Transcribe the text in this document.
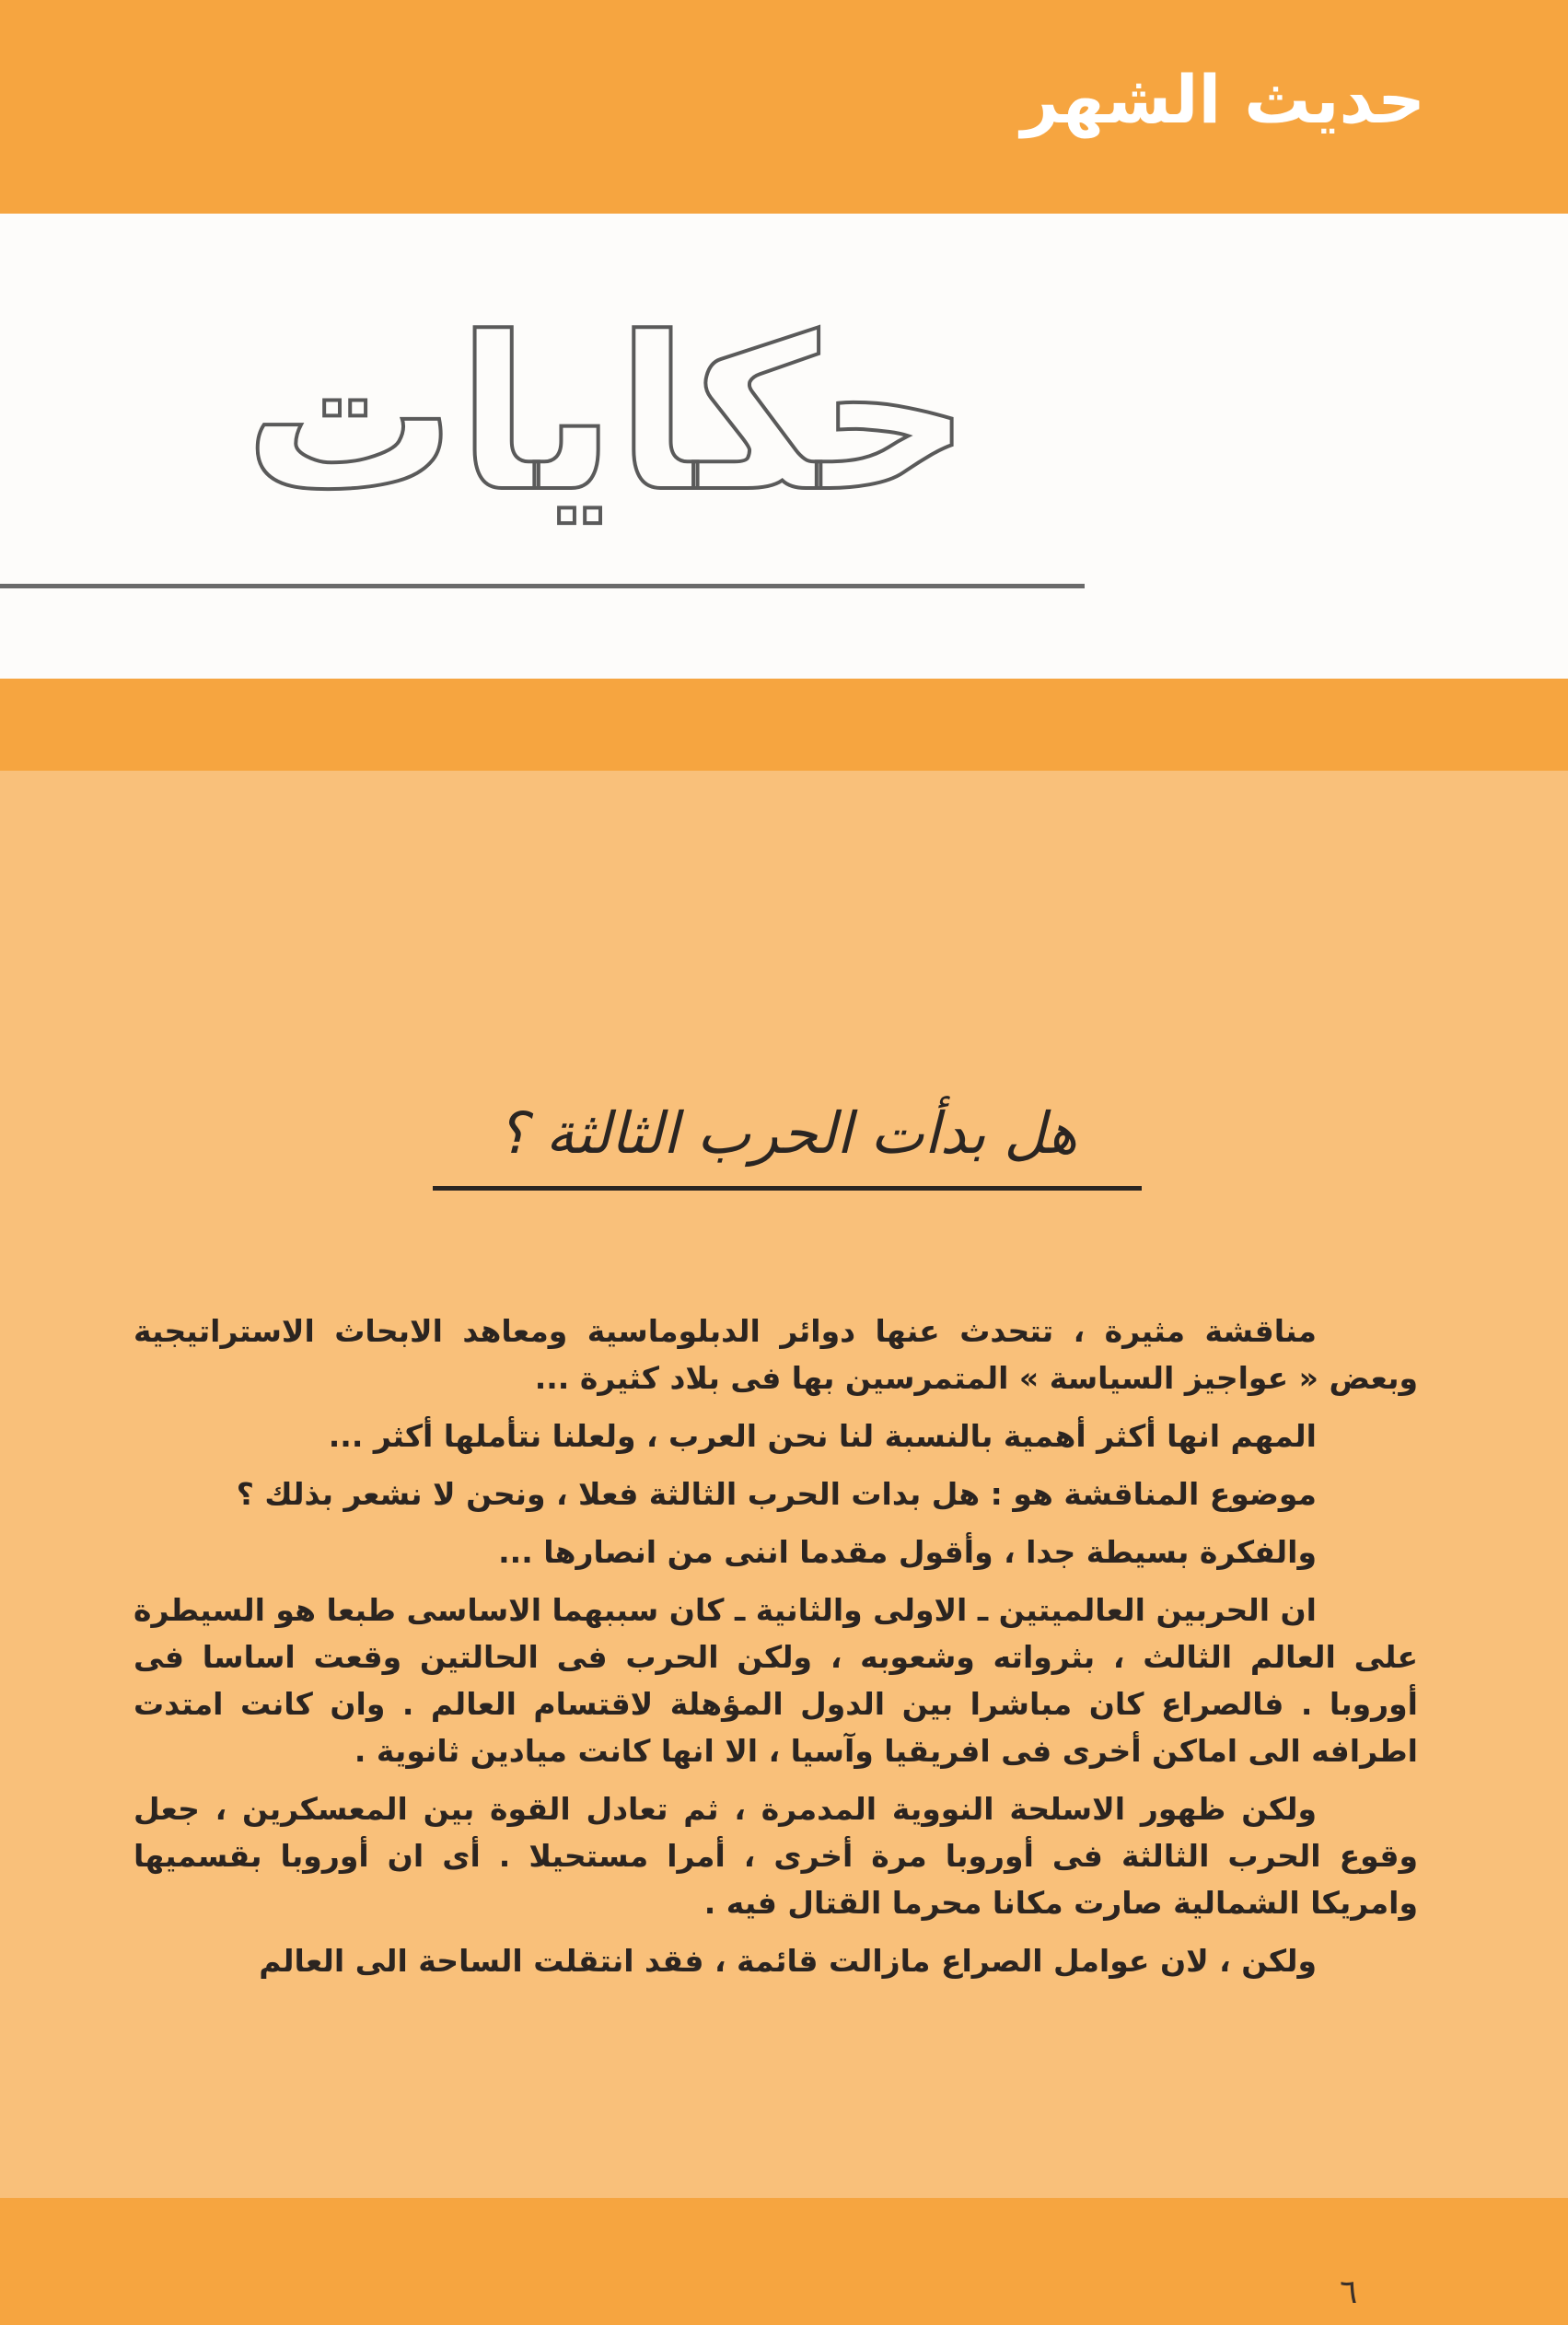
حديث الشهر
حكايات
هل بدأت الحرب الثالثة ؟

مناقشة مثيرة ، تتحدث عنها دوائر الدبلوماسية ومعاهد الابحاث الاستراتيجية وبعض « عواجيز السياسة » المتمرسين بها فى بلاد كثيرة ...

المهم انها أكثر أهمية بالنسبة لنا نحن العرب ، ولعلنا نتأملها أكثر ...

موضوع المناقشة هو : هل بدات الحرب الثالثة فعلا ، ونحن لا نشعر بذلك ؟

والفكرة بسيطة جدا ، وأقول مقدما اننى من انصارها ...

ان الحربين العالميتين ـ الاولى والثانية ـ كان سببهما الاساسى طبعا هو السيطرة على العالم الثالث ، بثرواته وشعوبه ، ولكن الحرب فى الحالتين وقعت اساسا فى أوروبا . فالصراع كان مباشرا بين الدول المؤهلة لاقتسام العالم . وان كانت امتدت اطرافه الى اماكن أخرى فى افريقيا وآسيا ، الا انها كانت ميادين ثانوية .

ولكن ظهور الاسلحة النووية المدمرة ، ثم تعادل القوة بين المعسكرين ، جعل وقوع الحرب الثالثة فى أوروبا مرة أخرى ، أمرا مستحيلا . أى ان أوروبا بقسميها وامريكا الشمالية صارت مكانا محرما القتال فيه .

ولكن ، لان عوامل الصراع مازالت قائمة ، فقد انتقلت الساحة الى العالم

٦
